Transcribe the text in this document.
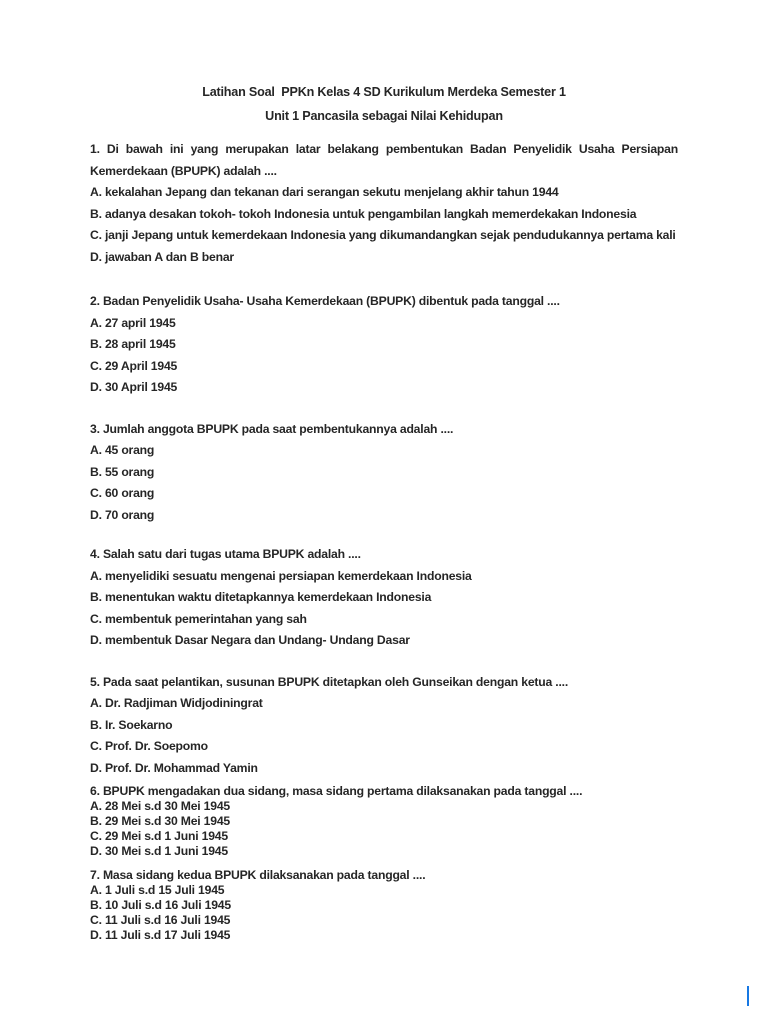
Latihan Soal  PPKn Kelas 4 SD Kurikulum Merdeka Semester 1
Unit 1 Pancasila sebagai Nilai Kehidupan

1. Di bawah ini yang merupakan latar belakang pembentukan Badan Penyelidik Usaha Persiapan

Kemerdekaan (BPUPK) adalah ....

A. kekalahan Jepang dan tekanan dari serangan sekutu menjelang akhir tahun 1944

B. adanya desakan tokoh- tokoh Indonesia untuk pengambilan langkah memerdekakan Indonesia

C. janji Jepang untuk kemerdekaan Indonesia yang dikumandangkan sejak pendudukannya pertama kali

D. jawaban A dan B benar

2. Badan Penyelidik Usaha- Usaha Kemerdekaan (BPUPK) dibentuk pada tanggal ....

A. 27 april 1945

B. 28 april 1945

C. 29 April 1945

D. 30 April 1945

3. Jumlah anggota BPUPK pada saat pembentukannya adalah ....

A. 45 orang

B. 55 orang

C. 60 orang

D. 70 orang

4. Salah satu dari tugas utama BPUPK adalah ....

A. menyelidiki sesuatu mengenai persiapan kemerdekaan Indonesia

B. menentukan waktu ditetapkannya kemerdekaan Indonesia

C. membentuk pemerintahan yang sah

D. membentuk Dasar Negara dan Undang- Undang Dasar

5. Pada saat pelantikan, susunan BPUPK ditetapkan oleh Gunseikan dengan ketua ....

A. Dr. Radjiman Widjodiningrat

B. Ir. Soekarno

C. Prof. Dr. Soepomo

D. Prof. Dr. Mohammad Yamin

6. BPUPK mengadakan dua sidang, masa sidang pertama dilaksanakan pada tanggal ....

A. 28 Mei s.d 30 Mei 1945

B. 29 Mei s.d 30 Mei 1945

C. 29 Mei s.d 1 Juni 1945

D. 30 Mei s.d 1 Juni 1945

7. Masa sidang kedua BPUPK dilaksanakan pada tanggal ....

A. 1 Juli s.d 15 Juli 1945

B. 10 Juli s.d 16 Juli 1945

C. 11 Juli s.d 16 Juli 1945

D. 11 Juli s.d 17 Juli 1945
